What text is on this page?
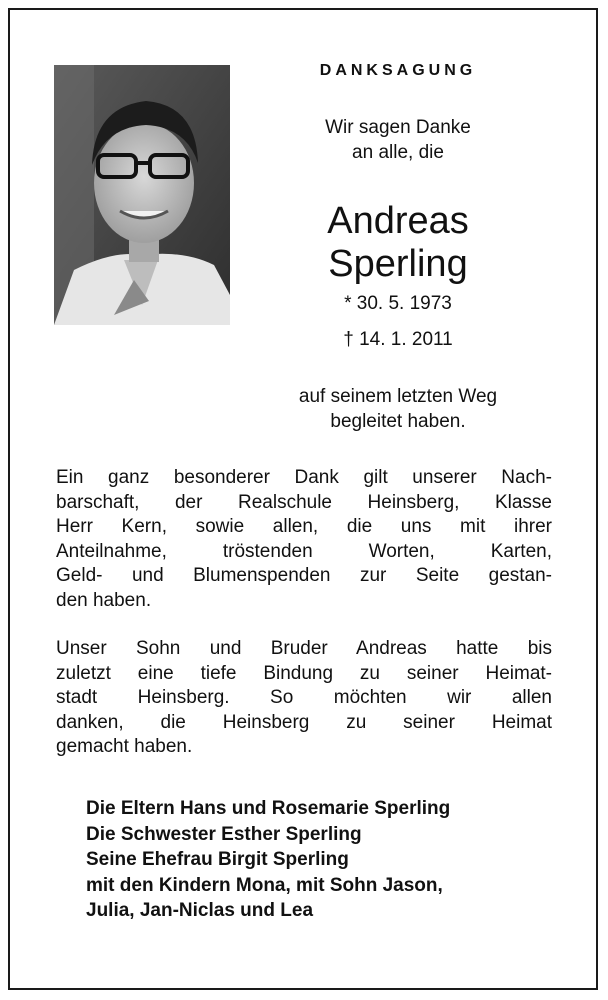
DANKSAGUNG
Wir sagen Danke
an alle, die
Andreas
Sperling
* 30. 5. 1973
† 14. 1. 2011
auf seinem letzten Weg
begleitet haben.
Ein ganz besonderer Dank gilt unserer Nach-
barschaft, der Realschule Heinsberg, Klasse
Herr Kern, sowie allen, die uns mit ihrer
Anteilnahme, tröstenden Worten, Karten,
Geld- und Blumenspenden zur Seite gestan-
den haben.
Unser Sohn und Bruder Andreas hatte bis
zuletzt eine tiefe Bindung zu seiner Heimat-
stadt Heinsberg. So möchten wir allen
danken, die Heinsberg zu seiner Heimat
gemacht haben.
Die Eltern Hans und Rosemarie Sperling
Die Schwester Esther Sperling
Seine Ehefrau Birgit Sperling
mit den Kindern Mona, mit Sohn Jason,
Julia, Jan-Niclas und Lea
